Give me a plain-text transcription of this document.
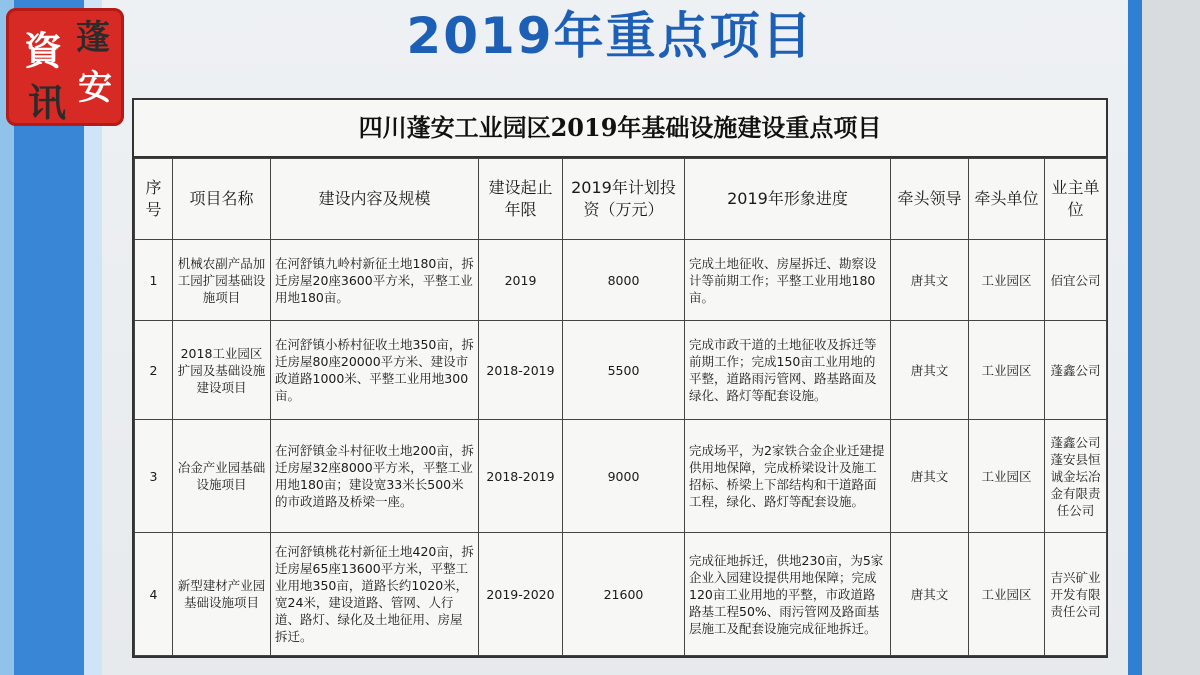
2019年重点项目
資 蓬
讯 安
四川蓬安工业园区2019年基础设施建设重点项目
序号	项目名称	建设内容及规模	建设起止年限	2019年计划投资（万元）	2019年形象进度	牵头领导	牵头单位	业主单位
1	机械农副产品加工园扩园基础设施项目	在河舒镇九岭村新征土地180亩，拆迁房屋20座3600平方米，平整工业用地180亩。	2019	8000	完成土地征收、房屋拆迁、勘察设计等前期工作；平整工业用地180亩。	唐其文	工业园区	佰宜公司
2	2018工业园区扩园及基础设施建设项目	在河舒镇小桥村征收土地350亩，拆迁房屋80座20000平方米、建设市政道路1000米、平整工业用地300亩。	2018-2019	5500	完成市政干道的土地征收及拆迁等前期工作；完成150亩工业用地的平整，道路雨污管网、路基路面及绿化、路灯等配套设施。	唐其文	工业园区	蓬鑫公司
3	冶金产业园基础设施项目	在河舒镇金斗村征收土地200亩，拆迁房屋32座8000平方米，平整工业用地180亩；建设宽33米长500米的市政道路及桥梁一座。	2018-2019	9000	完成场平，为2家铁合金企业迁建提供用地保障，完成桥梁设计及施工招标、桥梁上下部结构和干道路面工程，绿化、路灯等配套设施。	唐其文	工业园区	蓬鑫公司蓬安县恒诚金坛冶金有限责任公司
4	新型建材产业园基础设施项目	在河舒镇桃花村新征土地420亩，拆迁房屋65座13600平方米，平整工业用地350亩，道路长约1020米，宽24米，建设道路、管网、人行道、路灯、绿化及土地征用、房屋拆迁。	2019-2020	21600	完成征地拆迁，供地230亩，为5家企业入园建设提供用地保障；完成120亩工业用地的平整，市政道路路基工程50%、雨污管网及路面基层施工及配套设施完成征地拆迁。	唐其文	工业园区	吉兴矿业开发有限责任公司
